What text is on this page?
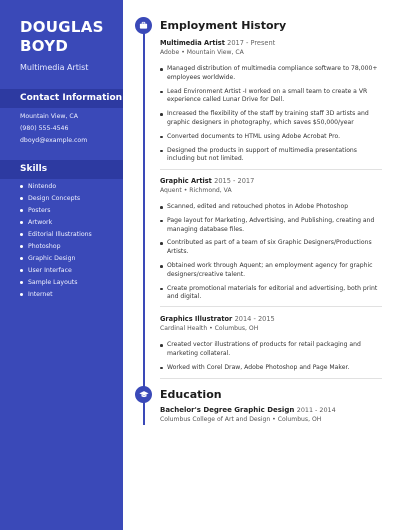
DOUGLAS BOYD
Multimedia Artist
Contact Information
Mountain View, CA
(980) 555-4546
dboyd@example.com
Skills
Nintendo
Design Concepts
Posters
Artwork
Editorial Illustrations
Photoshop
Graphic Design
User Interface
Sample Layouts
Internet
Employment History
Multimedia Artist 2017 - Present
Adobe • Mountain View, CA
Managed distribution of multimedia compliance software to 78,000+ employees worldwide.
Lead Environment Artist -I worked on a small team to create a VR experience called Lunar Drive for Dell.
Increased the flexibility of the staff by training staff 3D artists and graphic designers in photography, which saves $50,000/year
Converted documents to HTML using Adobe Acrobat Pro.
Designed the products in support of multimedia presentations including but not limited.
Graphic Artist 2015 - 2017
Aquent • Richmond, VA
Scanned, edited and retouched photos in Adobe Photoshop
Page layout for Marketing, Advertising, and Publishing, creating and managing database files.
Contributed as part of a team of six Graphic Designers/Productions Artists.
Obtained work through Aquent; an employment agency for graphic designers/creative talent.
Create promotional materials for editorial and advertising, both print and digital.
Graphics Illustrator 2014 - 2015
Cardinal Health • Columbus, OH
Created vector illustrations of products for retail packaging and marketing collateral.
Worked with Corel Draw, Adobe Photoshop and Page Maker.
Education
Bachelor's Degree Graphic Design 2011 - 2014
Columbus College of Art and Design • Columbus, OH
